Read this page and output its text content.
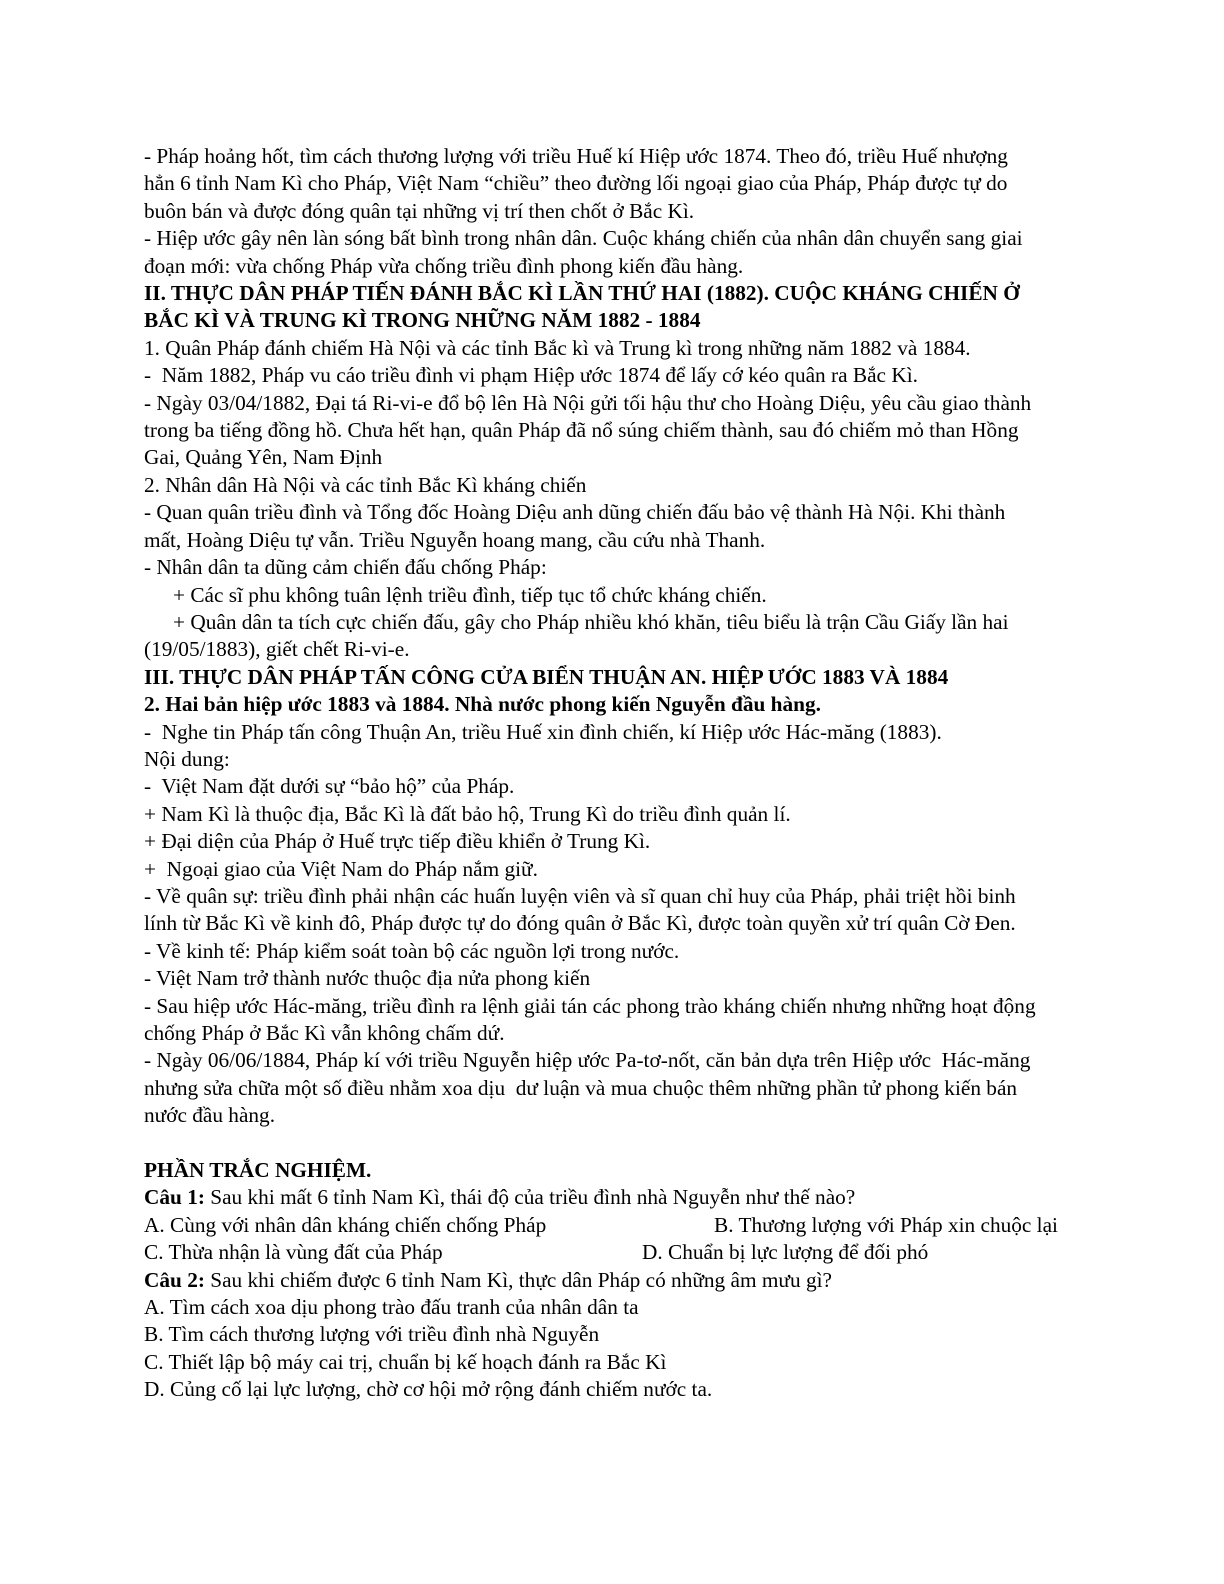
- Pháp hoảng hốt, tìm cách thương lượng với triều Huế kí Hiệp ước 1874. Theo đó, triều Huế nhượng

hẳn 6 tỉnh Nam Kì cho Pháp, Việt Nam “chiều” theo đường lối ngoại giao của Pháp, Pháp được tự do

buôn bán và được đóng quân tại những vị trí then chốt ở Bắc Kì.

- Hiệp ước gây nên làn sóng bất bình trong nhân dân. Cuộc kháng chiến của nhân dân chuyển sang giai

đoạn mới: vừa chống Pháp vừa chống triều đình phong kiến đầu hàng.

II. THỰC DÂN PHÁP TIẾN ĐÁNH BẮC KÌ LẦN THỨ HAI (1882). CUỘC KHÁNG CHIẾN Ở

BẮC KÌ VÀ TRUNG KÌ TRONG NHỮNG NĂM 1882 - 1884

1. Quân Pháp đánh chiếm Hà Nội và các tỉnh Bắc kì và Trung kì trong những năm 1882 và 1884.

-  Năm 1882, Pháp vu cáo triều đình vi phạm Hiệp ước 1874 để lấy cớ kéo quân ra Bắc Kì.

- Ngày 03/04/1882, Đại tá Ri-vi-e đổ bộ lên Hà Nội gửi tối hậu thư cho Hoàng Diệu, yêu cầu giao thành

trong ba tiếng đồng hồ. Chưa hết hạn, quân Pháp đã nổ súng chiếm thành, sau đó chiếm mỏ than Hồng

Gai, Quảng Yên, Nam Định

2. Nhân dân Hà Nội và các tỉnh Bắc Kì kháng chiến

- Quan quân triều đình và Tổng đốc Hoàng Diệu anh dũng chiến đấu bảo vệ thành Hà Nội. Khi thành

mất, Hoàng Diệu tự vẫn. Triều Nguyễn hoang mang, cầu cứu nhà Thanh.

- Nhân dân ta dũng cảm chiến đấu chống Pháp:

+ Các sĩ phu không tuân lệnh triều đình, tiếp tục tổ chức kháng chiến.

+ Quân dân ta tích cực chiến đấu, gây cho Pháp nhiều khó khăn, tiêu biểu là trận Cầu Giấy lần hai

(19/05/1883), giết chết Ri-vi-e.

III. THỰC DÂN PHÁP TẤN CÔNG CỬA BIỂN THUẬN AN. HIỆP ƯỚC 1883 VÀ 1884

2. Hai bản hiệp ước 1883 và 1884. Nhà nước phong kiến Nguyễn đầu hàng.

-  Nghe tin Pháp tấn công Thuận An, triều Huế xin đình chiến, kí Hiệp ước Hác-măng (1883).

Nội dung:

-  Việt Nam đặt dưới sự “bảo hộ” của Pháp.

+ Nam Kì là thuộc địa, Bắc Kì là đất bảo hộ, Trung Kì do triều đình quản lí.

+ Đại diện của Pháp ở Huế trực tiếp điều khiển ở Trung Kì.

+  Ngoại giao của Việt Nam do Pháp nắm giữ.

- Về quân sự: triều đình phải nhận các huấn luyện viên và sĩ quan chỉ huy của Pháp, phải triệt hồi binh

lính từ Bắc Kì về kinh đô, Pháp được tự do đóng quân ở Bắc Kì, được toàn quyền xử trí quân Cờ Đen.

- Về kinh tế: Pháp kiểm soát toàn bộ các nguồn lợi trong nước.

- Việt Nam trở thành nước thuộc địa nửa phong kiến

- Sau hiệp ước Hác-măng, triều đình ra lệnh giải tán các phong trào kháng chiến nhưng những hoạt động

chống Pháp ở Bắc Kì vẫn không chấm dứ.

- Ngày 06/06/1884, Pháp kí với triều Nguyễn hiệp ước Pa-tơ-nốt, căn bản dựa trên Hiệp ước  Hác-măng

nhưng sửa chữa một số điều nhằm xoa dịu  dư luận và mua chuộc thêm những phần tử phong kiến bán

nước đầu hàng.

PHẦN TRẮC NGHIỆM.

Câu 1: Sau khi mất 6 tỉnh Nam Kì, thái độ của triều đình nhà Nguyễn như thế nào?

A. Cùng với nhân dân kháng chiến chống Pháp	B. Thương lượng với Pháp xin chuộc lại
C. Thừa nhận là vùng đất của Pháp	D. Chuẩn bị lực lượng để đối phó

Câu 2: Sau khi chiếm được 6 tỉnh Nam Kì, thực dân Pháp có những âm mưu gì?

A. Tìm cách xoa dịu phong trào đấu tranh của nhân dân ta

B. Tìm cách thương lượng với triều đình nhà Nguyễn

C. Thiết lập bộ máy cai trị, chuẩn bị kế hoạch đánh ra Bắc Kì

D. Củng cố lại lực lượng, chờ cơ hội mở rộng đánh chiếm nước ta.
